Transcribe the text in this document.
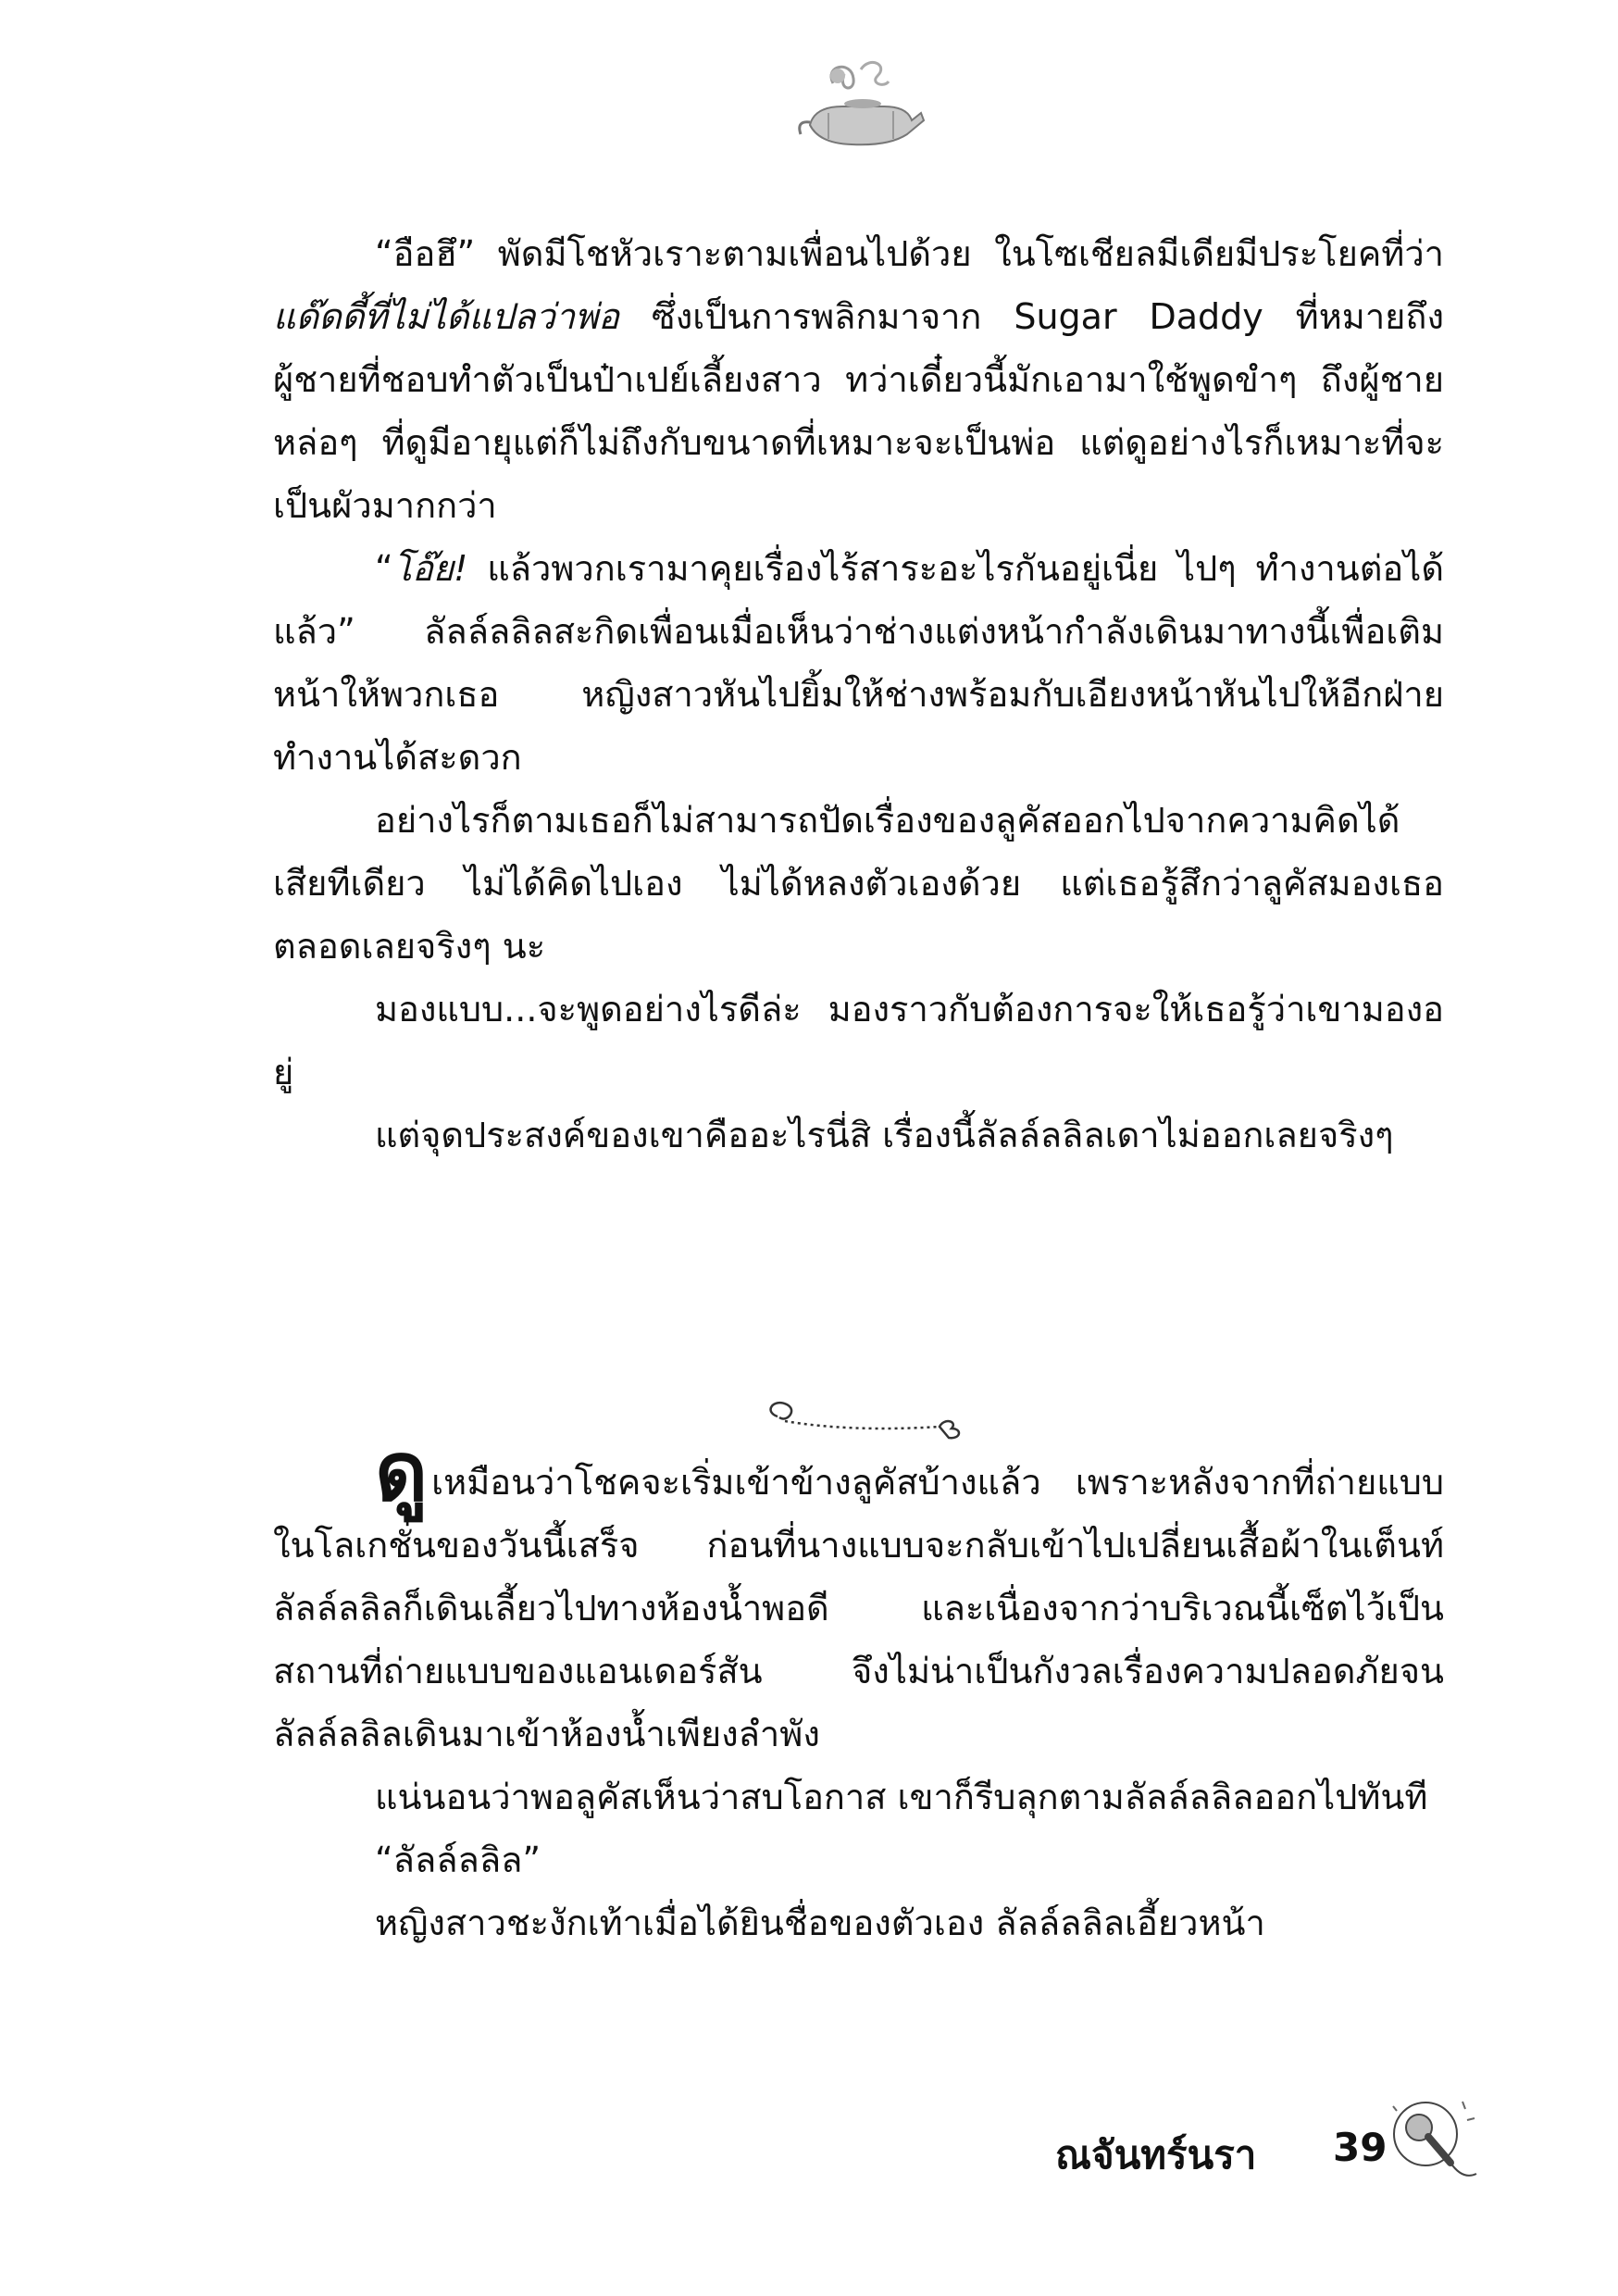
“อือฮึ” พัดมีโชหัวเราะตามเพื่อนไปด้วย ในโซเชียลมีเดียมีประโยคที่ว่า แด๊ดดี้ที่ไม่ได้แปลว่าพ่อ ซึ่งเป็นการพลิกมาจาก Sugar Daddy ที่หมายถึงผู้ชายที่ชอบทำตัวเป็นป๋าเปย์เลี้ยงสาว ทว่าเดี๋ยวนี้มักเอามาใช้พูดขำๆ ถึงผู้ชายหล่อๆ ที่ดูมีอายุแต่ก็ไม่ถึงกับขนาดที่เหมาะจะเป็นพ่อ แต่ดูอย่างไรก็เหมาะที่จะเป็นผัวมากกว่า

“โอ๊ย! แล้วพวกเรามาคุยเรื่องไร้สาระอะไรกันอยู่เนี่ย ไปๆ ทำงานต่อได้แล้ว” ลัลล์ลลิลสะกิดเพื่อนเมื่อเห็นว่าช่างแต่งหน้ากำลังเดินมาทางนี้เพื่อเติมหน้าให้พวกเธอ หญิงสาวหันไปยิ้มให้ช่างพร้อมกับเอียงหน้าหันไปให้อีกฝ่ายทำงานได้สะดวก

อย่างไรก็ตามเธอก็ไม่สามารถปัดเรื่องของลูคัสออกไปจากความคิดได้เสียทีเดียว ไม่ได้คิดไปเอง ไม่ได้หลงตัวเองด้วย แต่เธอรู้สึกว่าลูคัสมองเธอตลอดเลยจริงๆ นะ

มองแบบ...จะพูดอย่างไรดีล่ะ มองราวกับต้องการจะให้เธอรู้ว่าเขามองอยู่

แต่จุดประสงค์ของเขาคืออะไรนี่สิ เรื่องนี้ลัลล์ลลิลเดาไม่ออกเลยจริงๆ

ดูเหมือนว่าโชคจะเริ่มเข้าข้างลูคัสบ้างแล้ว เพราะหลังจากที่ถ่ายแบบในโลเกชั่นของวันนี้เสร็จ ก่อนที่นางแบบจะกลับเข้าไปเปลี่ยนเสื้อผ้าในเต็นท์ ลัลล์ลลิลก็เดินเลี้ยวไปทางห้องน้ำพอดี และเนื่องจากว่าบริเวณนี้เซ็ตไว้เป็นสถานที่ถ่ายแบบของแอนเดอร์สัน จึงไม่น่าเป็นกังวลเรื่องความปลอดภัยจนลัลล์ลลิลเดินมาเข้าห้องน้ำเพียงลำพัง

แน่นอนว่าพอลูคัสเห็นว่าสบโอกาส เขาก็รีบลุกตามลัลล์ลลิลออกไปทันที

“ลัลล์ลลิล”

หญิงสาวชะงักเท้าเมื่อได้ยินชื่อของตัวเอง ลัลล์ลลิลเอี้ยวหน้า

ณจันทร์นรา 39
